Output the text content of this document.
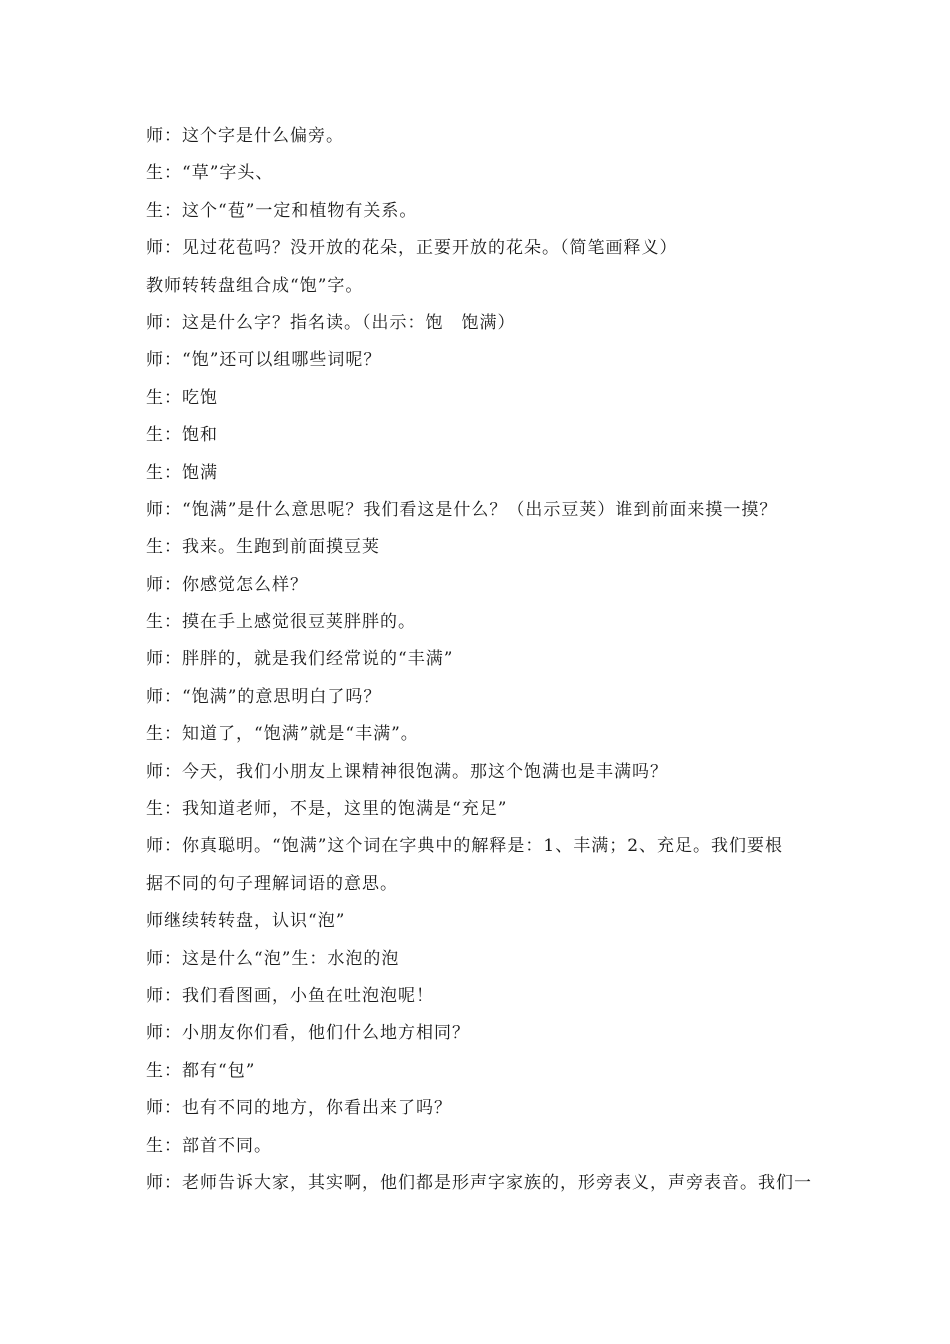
师：这个字是什么偏旁。
生：“草”字头、
生：这个“苞”一定和植物有关系。
师：见过花苞吗？没开放的花朵，正要开放的花朵。（简笔画释义）
教师转转盘组合成“饱”字。
师：这是什么字？指名读。（出示：饱　饱满）
师：“饱”还可以组哪些词呢？
生：吃饱
生：饱和
生：饱满
师：“饱满”是什么意思呢？我们看这是什么？（出示豆荚）谁到前面来摸一摸？
生：我来。生跑到前面摸豆荚
师：你感觉怎么样？
生：摸在手上感觉很豆荚胖胖的。
师：胖胖的，就是我们经常说的“丰满”
师：“饱满”的意思明白了吗？
生：知道了，“饱满”就是“丰满”。
师：今天，我们小朋友上课精神很饱满。那这个饱满也是丰满吗？
生：我知道老师，不是，这里的饱满是“充足”
师：你真聪明。“饱满”这个词在字典中的解释是：1、丰满；2、充足。我们要根
据不同的句子理解词语的意思。
师继续转转盘，认识“泡”
师：这是什么“泡”生：水泡的泡
师：我们看图画，小鱼在吐泡泡呢！
师：小朋友你们看，他们什么地方相同？
生：都有“包”
师：也有不同的地方，你看出来了吗？
生：部首不同。
师：老师告诉大家，其实啊，他们都是形声字家族的，形旁表义，声旁表音。我们一
